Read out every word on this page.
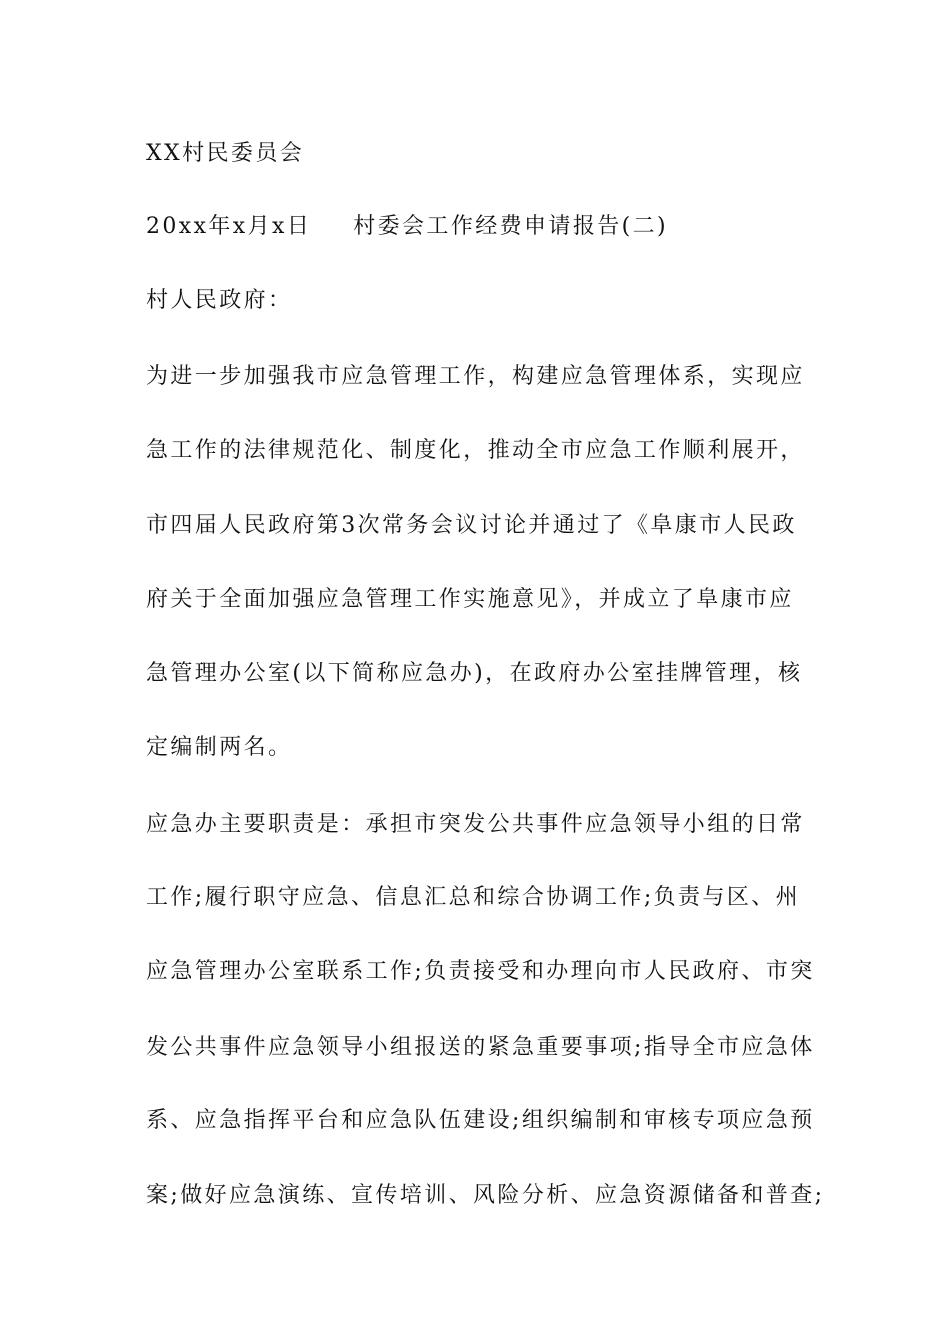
XX村民委员会
20xx年x月x日 村委会工作经费申请报告(二)
村人民政府：
为进一步加强我市应急管理工作，构建应急管理体系，实现应
急工作的法律规范化、制度化，推动全市应急工作顺利展开，
市四届人民政府第3次常务会议讨论并通过了《阜康市人民政
府关于全面加强应急管理工作实施意见》，并成立了阜康市应
急管理办公室(以下简称应急办)，在政府办公室挂牌管理，核
定编制两名。
应急办主要职责是：承担市突发公共事件应急领导小组的日常
工作;履行职守应急、信息汇总和综合协调工作;负责与区、州
应急管理办公室联系工作;负责接受和办理向市人民政府、市突
发公共事件应急领导小组报送的紧急重要事项;指导全市应急体
系、应急指挥平台和应急队伍建设;组织编制和审核专项应急预
案;做好应急演练、宣传培训、风险分析、应急资源储备和普查;
